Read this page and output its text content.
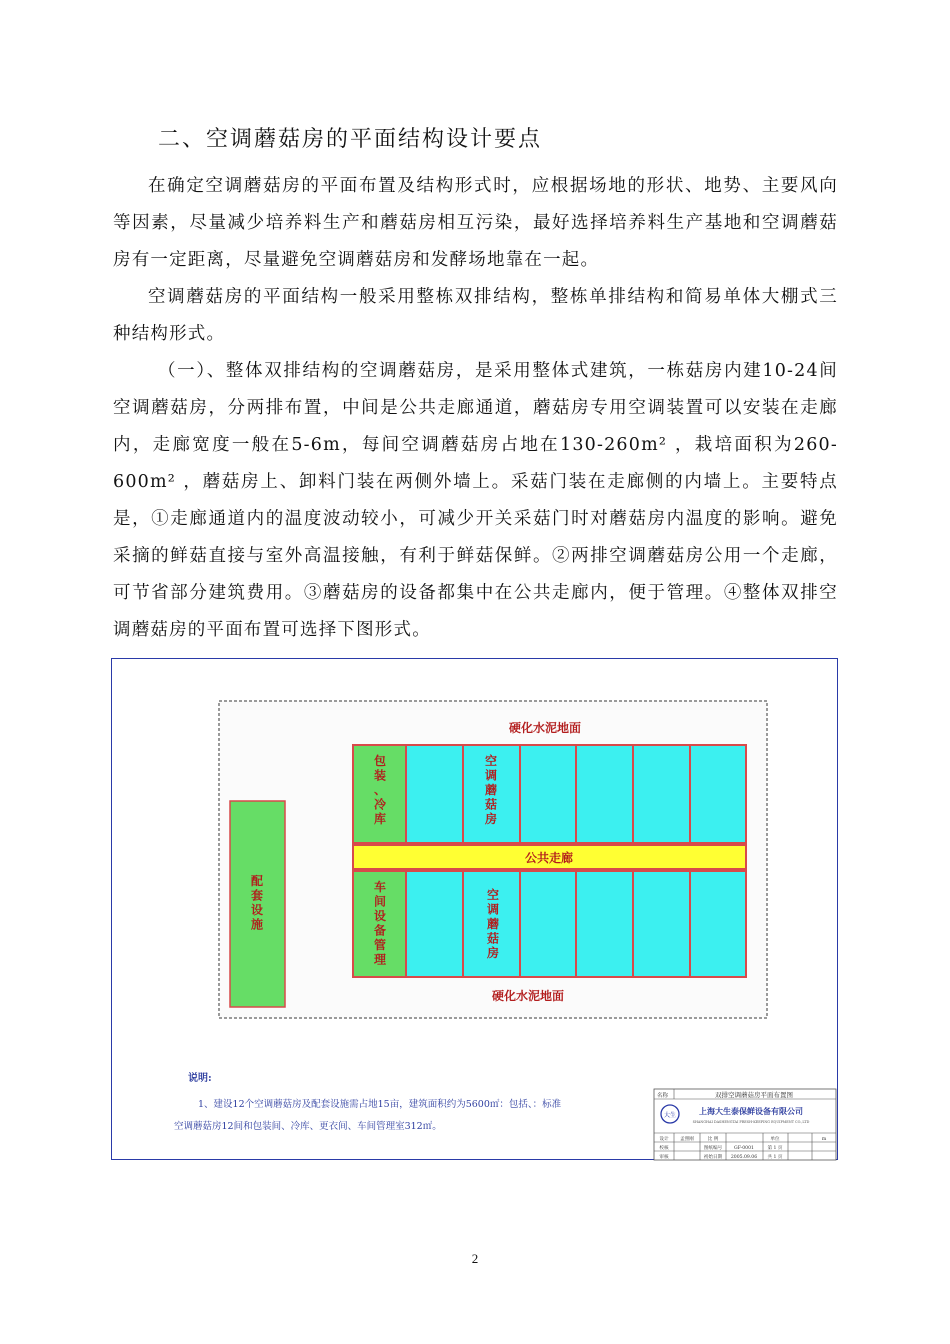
二、空调蘑菇房的平面结构设计要点

在确定空调蘑菇房的平面布置及结构形式时，应根据场地的形状、地势、主要风向等因素，尽量减少培养料生产和蘑菇房相互污染，最好选择培养料生产基地和空调蘑菇房有一定距离，尽量避免空调蘑菇房和发酵场地靠在一起。

空调蘑菇房的平面结构一般采用整栋双排结构，整栋单排结构和简易单体大棚式三种结构形式。

（一）、整体双排结构的空调蘑菇房，是采用整体式建筑，一栋菇房内建10-24间空调蘑菇房，分两排布置，中间是公共走廊通道，蘑菇房专用空调装置可以安装在走廊内，走廊宽度一般在5-6m，每间空调蘑菇房占地在130-260m² ，栽培面积为260-600m² ，蘑菇房上、卸料门装在两侧外墙上。采菇门装在走廊侧的内墙上。主要特点是，①走廊通道内的温度波动较小，可减少开关采菇门时对蘑菇房内温度的影响。避免采摘的鲜菇直接与室外高温接触，有利于鲜菇保鲜。②两排空调蘑菇房公用一个走廊，可节省部分建筑费用。③蘑菇房的设备都集中在公共走廊内，便于管理。④整体双排空调蘑菇房的平面布置可选择下图形式。

硬化水泥地面
包装、冷库
空调蘑菇房
公共走廊
车间设备管理
空调蘑菇房
硬化水泥地面
配套设施
说明:
1、建设12个空调蘑菇房及配套设施需占地15亩，建筑面积约为5600㎡：包括、：标准
空调蘑菇房12间和包装间、冷库、更衣间、车间管理室312㎡。
名称	双排空调蘑菇房平面布置图
大生	上海大生泰保鲜设备有限公司
SHANGHAI DASHENGTAI FRESH-KEEPING EQUIPMENT CO.,LTD
设计	孟照刚	比 例	单位	m
校核	图纸编号	GF-0001	第 1 页
审核	初始日期 2005.09.06 共 1 页
2
